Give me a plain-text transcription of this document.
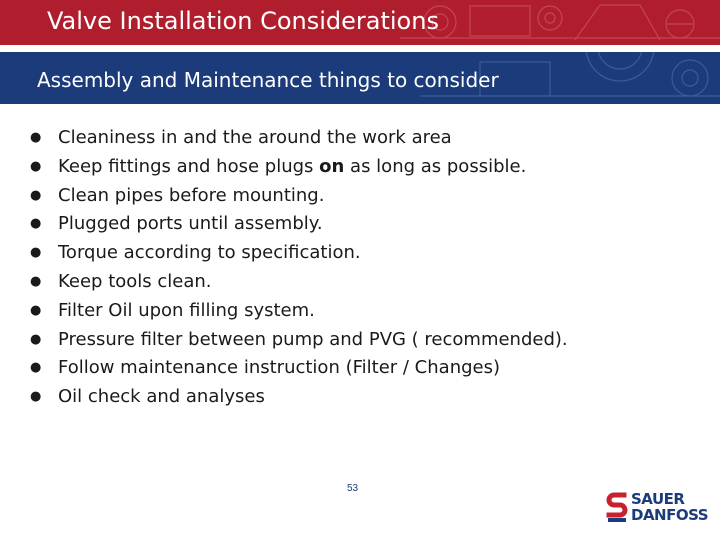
Valve Installation Considerations
Assembly and Maintenance things to consider
● Cleaniness in and the around the work area
● Keep fittings and hose plugs on as long as possible.
● Clean pipes before mounting.
● Plugged ports until assembly.
● Torque according to specification.
● Keep tools clean.
● Filter Oil upon filling system.
● Pressure filter between pump and PVG ( recommended).
● Follow maintenance instruction (Filter / Changes)
● Oil check and analyses
53
SAUER
DANFOSS
